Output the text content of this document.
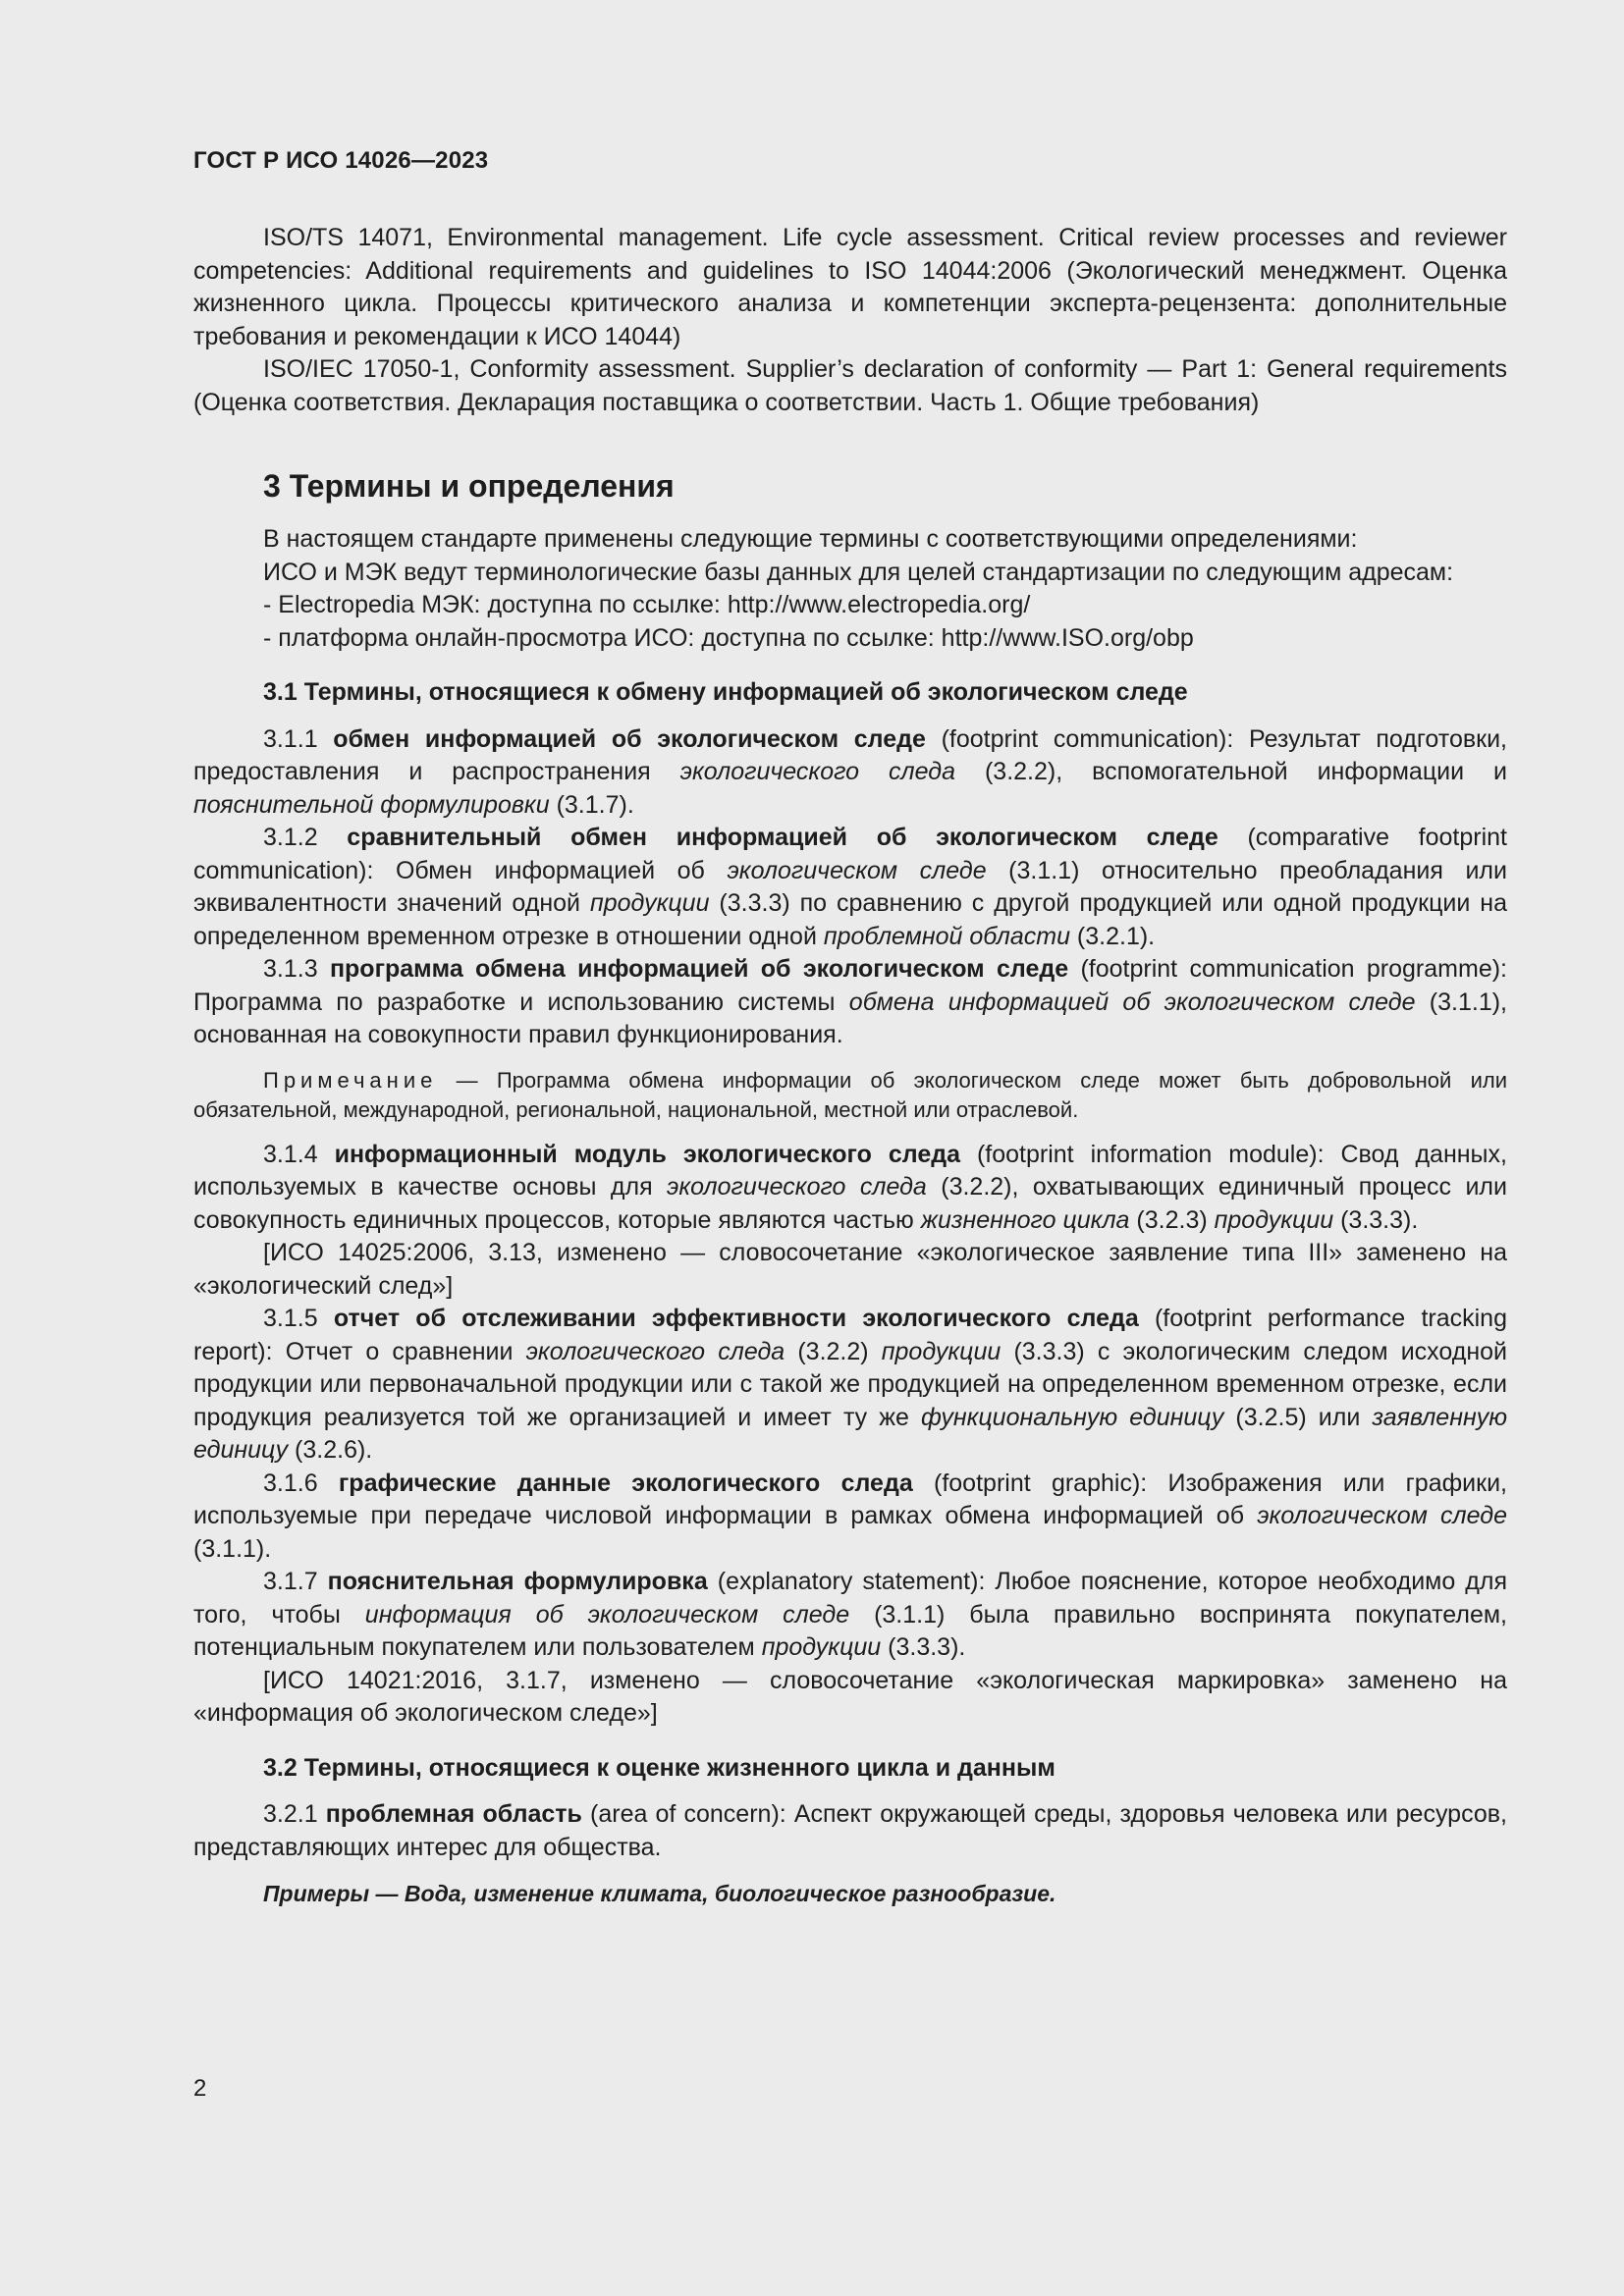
ГОСТ Р ИСО 14026—2023

ISO/TS 14071, Environmental management. Life cycle assessment. Critical review processes and reviewer competencies: Additional requirements and guidelines to ISO 14044:2006 (Экологический менеджмент. Оценка жизненного цикла. Процессы критического анализа и компетенции эксперта-рецензента: дополнительные требования и рекомендации к ИСО 14044)

ISO/IEC 17050-1, Conformity assessment. Supplier’s declaration of conformity — Part 1: General requirements (Оценка соответствия. Декларация поставщика о соответствии. Часть 1. Общие требования)

3 Термины и определения

В настоящем стандарте применены следующие термины с соответствующими определениями:

ИСО и МЭК ведут терминологические базы данных для целей стандартизации по следующим адресам:

- Electropedia МЭК: доступна по ссылке: http://www.electropedia.org/

- платформа онлайн-просмотра ИСО: доступна по ссылке: http://www.ISO.org/obp

3.1 Термины, относящиеся к обмену информацией об экологическом следе

3.1.1 обмен информацией об экологическом следе (footprint communication): Результат подготовки, предоставления и распространения экологического следа (3.2.2), вспомогательной информации и пояснительной формулировки (3.1.7).

3.1.2 сравнительный обмен информацией об экологическом следе (comparative footprint communication): Обмен информацией об экологическом следе (3.1.1) относительно преобладания или эквивалентности значений одной продукции (3.3.3) по сравнению с другой продукцией или одной продукции на определенном временном отрезке в отношении одной проблемной области (3.2.1).

3.1.3 программа обмена информацией об экологическом следе (footprint communication programme): Программа по разработке и использованию системы обмена информацией об экологическом следе (3.1.1), основанная на совокупности правил функционирования.

Примечание — Программа обмена информации об экологическом следе может быть добровольной или обязательной, международной, региональной, национальной, местной или отраслевой.

3.1.4 информационный модуль экологического следа (footprint information module): Свод данных, используемых в качестве основы для экологического следа (3.2.2), охватывающих единичный процесс или совокупность единичных процессов, которые являются частью жизненного цикла (3.2.3) продукции (3.3.3).

[ИСО 14025:2006, 3.13, изменено — словосочетание «экологическое заявление типа III» заменено на «экологический след»]

3.1.5 отчет об отслеживании эффективности экологического следа (footprint performance tracking report): Отчет о сравнении экологического следа (3.2.2) продукции (3.3.3) с экологическим следом исходной продукции или первоначальной продукции или с такой же продукцией на определенном временном отрезке, если продукция реализуется той же организацией и имеет ту же функциональную единицу (3.2.5) или заявленную единицу (3.2.6).

3.1.6 графические данные экологического следа (footprint graphic): Изображения или графики, используемые при передаче числовой информации в рамках обмена информацией об экологическом следе (3.1.1).

3.1.7 пояснительная формулировка (explanatory statement): Любое пояснение, которое необходимо для того, чтобы информация об экологическом следе (3.1.1) была правильно воспринята покупателем, потенциальным покупателем или пользователем продукции (3.3.3).

[ИСО 14021:2016, 3.1.7, изменено — словосочетание «экологическая маркировка» заменено на «информация об экологическом следе»]

3.2 Термины, относящиеся к оценке жизненного цикла и данным

3.2.1 проблемная область (area of concern): Аспект окружающей среды, здоровья человека или ресурсов, представляющих интерес для общества.

Примеры — Вода, изменение климата, биологическое разнообразие.

2
